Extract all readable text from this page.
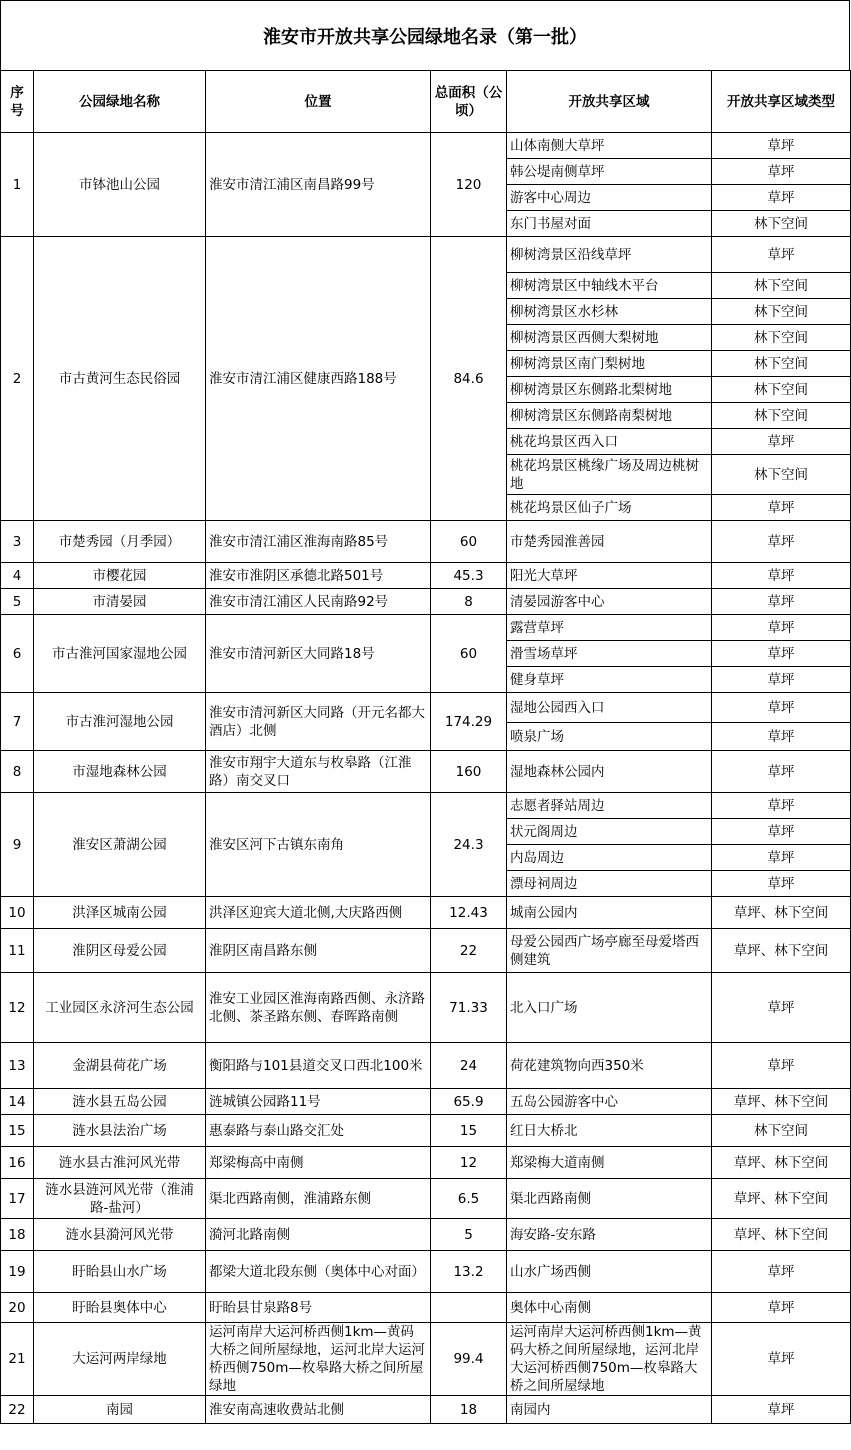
淮安市开放共享公园绿地名录（第一批）
序号	公园绿地名称	位置	总面积（公顷）	开放共享区域	开放共享区域类型
1	市钵池山公园	淮安市清江浦区南昌路99号	120	山体南侧大草坪	草坪
				韩公堤南侧草坪	草坪
				游客中心周边	草坪
				东门书屋对面	林下空间
2	市古黄河生态民俗园	淮安市清江浦区健康西路188号	84.6	柳树湾景区沿线草坪	草坪
				柳树湾景区中轴线木平台	林下空间
				柳树湾景区水杉林	林下空间
				柳树湾景区西侧大梨树地	林下空间
				柳树湾景区南门梨树地	林下空间
				柳树湾景区东侧路北梨树地	林下空间
				柳树湾景区东侧路南梨树地	林下空间
				桃花坞景区西入口	草坪
				桃花坞景区桃缘广场及周边桃树地	林下空间
				桃花坞景区仙子广场	草坪
3	市楚秀园（月季园）	淮安市清江浦区淮海南路85号	60	市楚秀园淮善园	草坪
4	市樱花园	淮安市淮阴区承德北路501号	45.3	阳光大草坪	草坪
5	市清晏园	淮安市清江浦区人民南路92号	8	清晏园游客中心	草坪
6	市古淮河国家湿地公园	淮安市清河新区大同路18号	60	露营草坪	草坪
				滑雪场草坪	草坪
				健身草坪	草坪
7	市古淮河湿地公园	淮安市清河新区大同路（开元名都大酒店）北侧	174.29	湿地公园西入口	草坪
				喷泉广场	草坪
8	市湿地森林公园	淮安市翔宇大道东与枚皋路（江淮路）南交叉口	160	湿地森林公园内	草坪
9	淮安区萧湖公园	淮安区河下古镇东南角	24.3	志愿者驿站周边	草坪
				状元阁周边	草坪
				内岛周边	草坪
				漂母祠周边	草坪
10	洪泽区城南公园	洪泽区迎宾大道北侧,大庆路西侧	12.43	城南公园内	草坪、林下空间
11	淮阴区母爱公园	淮阴区南昌路东侧	22	母爱公园西广场亭廊至母爱塔西侧建筑	草坪、林下空间
12	工业园区永济河生态公园	淮安工业园区淮海南路西侧、永济路北侧、茶圣路东侧、春晖路南侧	71.33	北入口广场	草坪
13	金湖县荷花广场	衡阳路与101县道交叉口西北100米	24	荷花建筑物向西350米	草坪
14	涟水县五岛公园	涟城镇公园路11号	65.9	五岛公园游客中心	草坪、林下空间
15	涟水县法治广场	惠泰路与泰山路交汇处	15	红日大桥北	林下空间
16	涟水县古淮河风光带	郑梁梅高中南侧	12	郑梁梅大道南侧	草坪、林下空间
17	涟水县涟河风光带（淮浦路-盐河）	渠北西路南侧，淮浦路东侧	6.5	渠北西路南侧	草坪、林下空间
18	涟水县漪河风光带	漪河北路南侧	5	海安路-安东路	草坪、林下空间
19	盱眙县山水广场	都梁大道北段东侧（奥体中心对面）	13.2	山水广场西侧	草坪
20	盱眙县奥体中心	盱眙县甘泉路8号		奥体中心南侧	草坪
21	大运河两岸绿地	运河南岸大运河桥西侧1km—黄码大桥之间所屋绿地，运河北岸大运河桥西侧750m—枚皋路大桥之间所屋绿地	99.4	运河南岸大运河桥西侧1km—黄码大桥之间所屋绿地，运河北岸大运河桥西侧750m—枚皋路大桥之间所屋绿地	草坪
22	南园	淮安南高速收费站北侧	18	南园内	草坪
